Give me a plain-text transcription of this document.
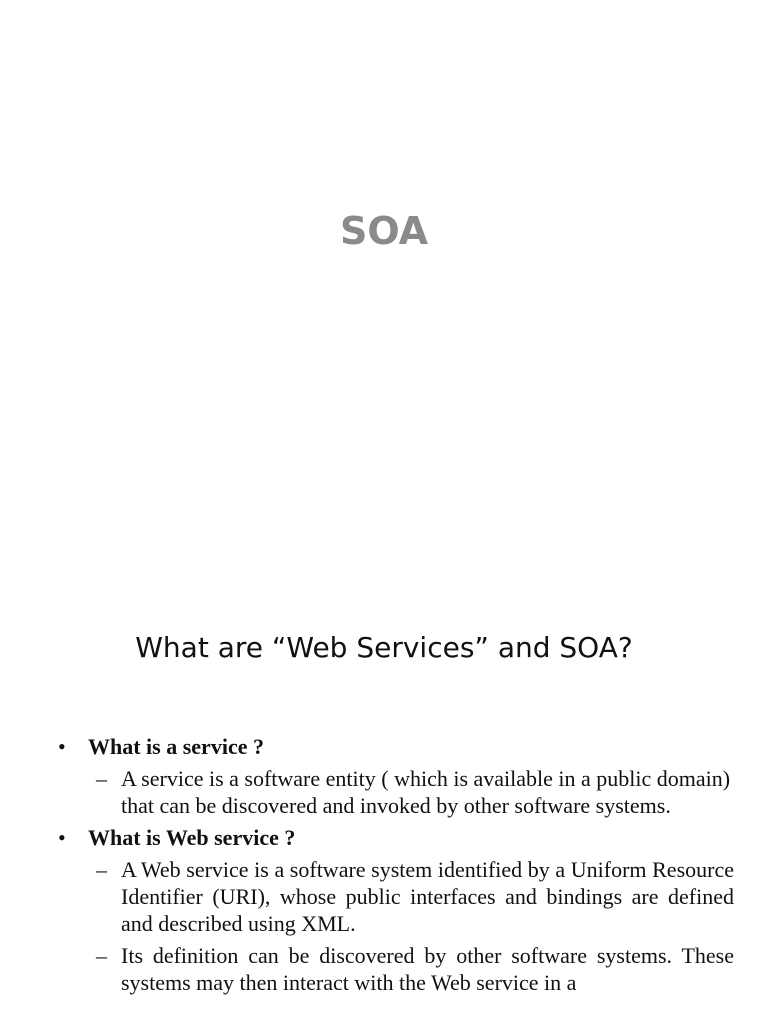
SOA
What are “Web Services” and SOA?
• What is a service ?
– A service is a software entity ( which is available in a public domain) that can be discovered and invoked by other software systems.
• What is Web service ?
– A Web service is a software system identified by a Uniform Resource Identifier (URI), whose public interfaces and bindings are defined and described using XML.
– Its definition can be discovered by other software systems. These systems may then interact with the Web service in a
